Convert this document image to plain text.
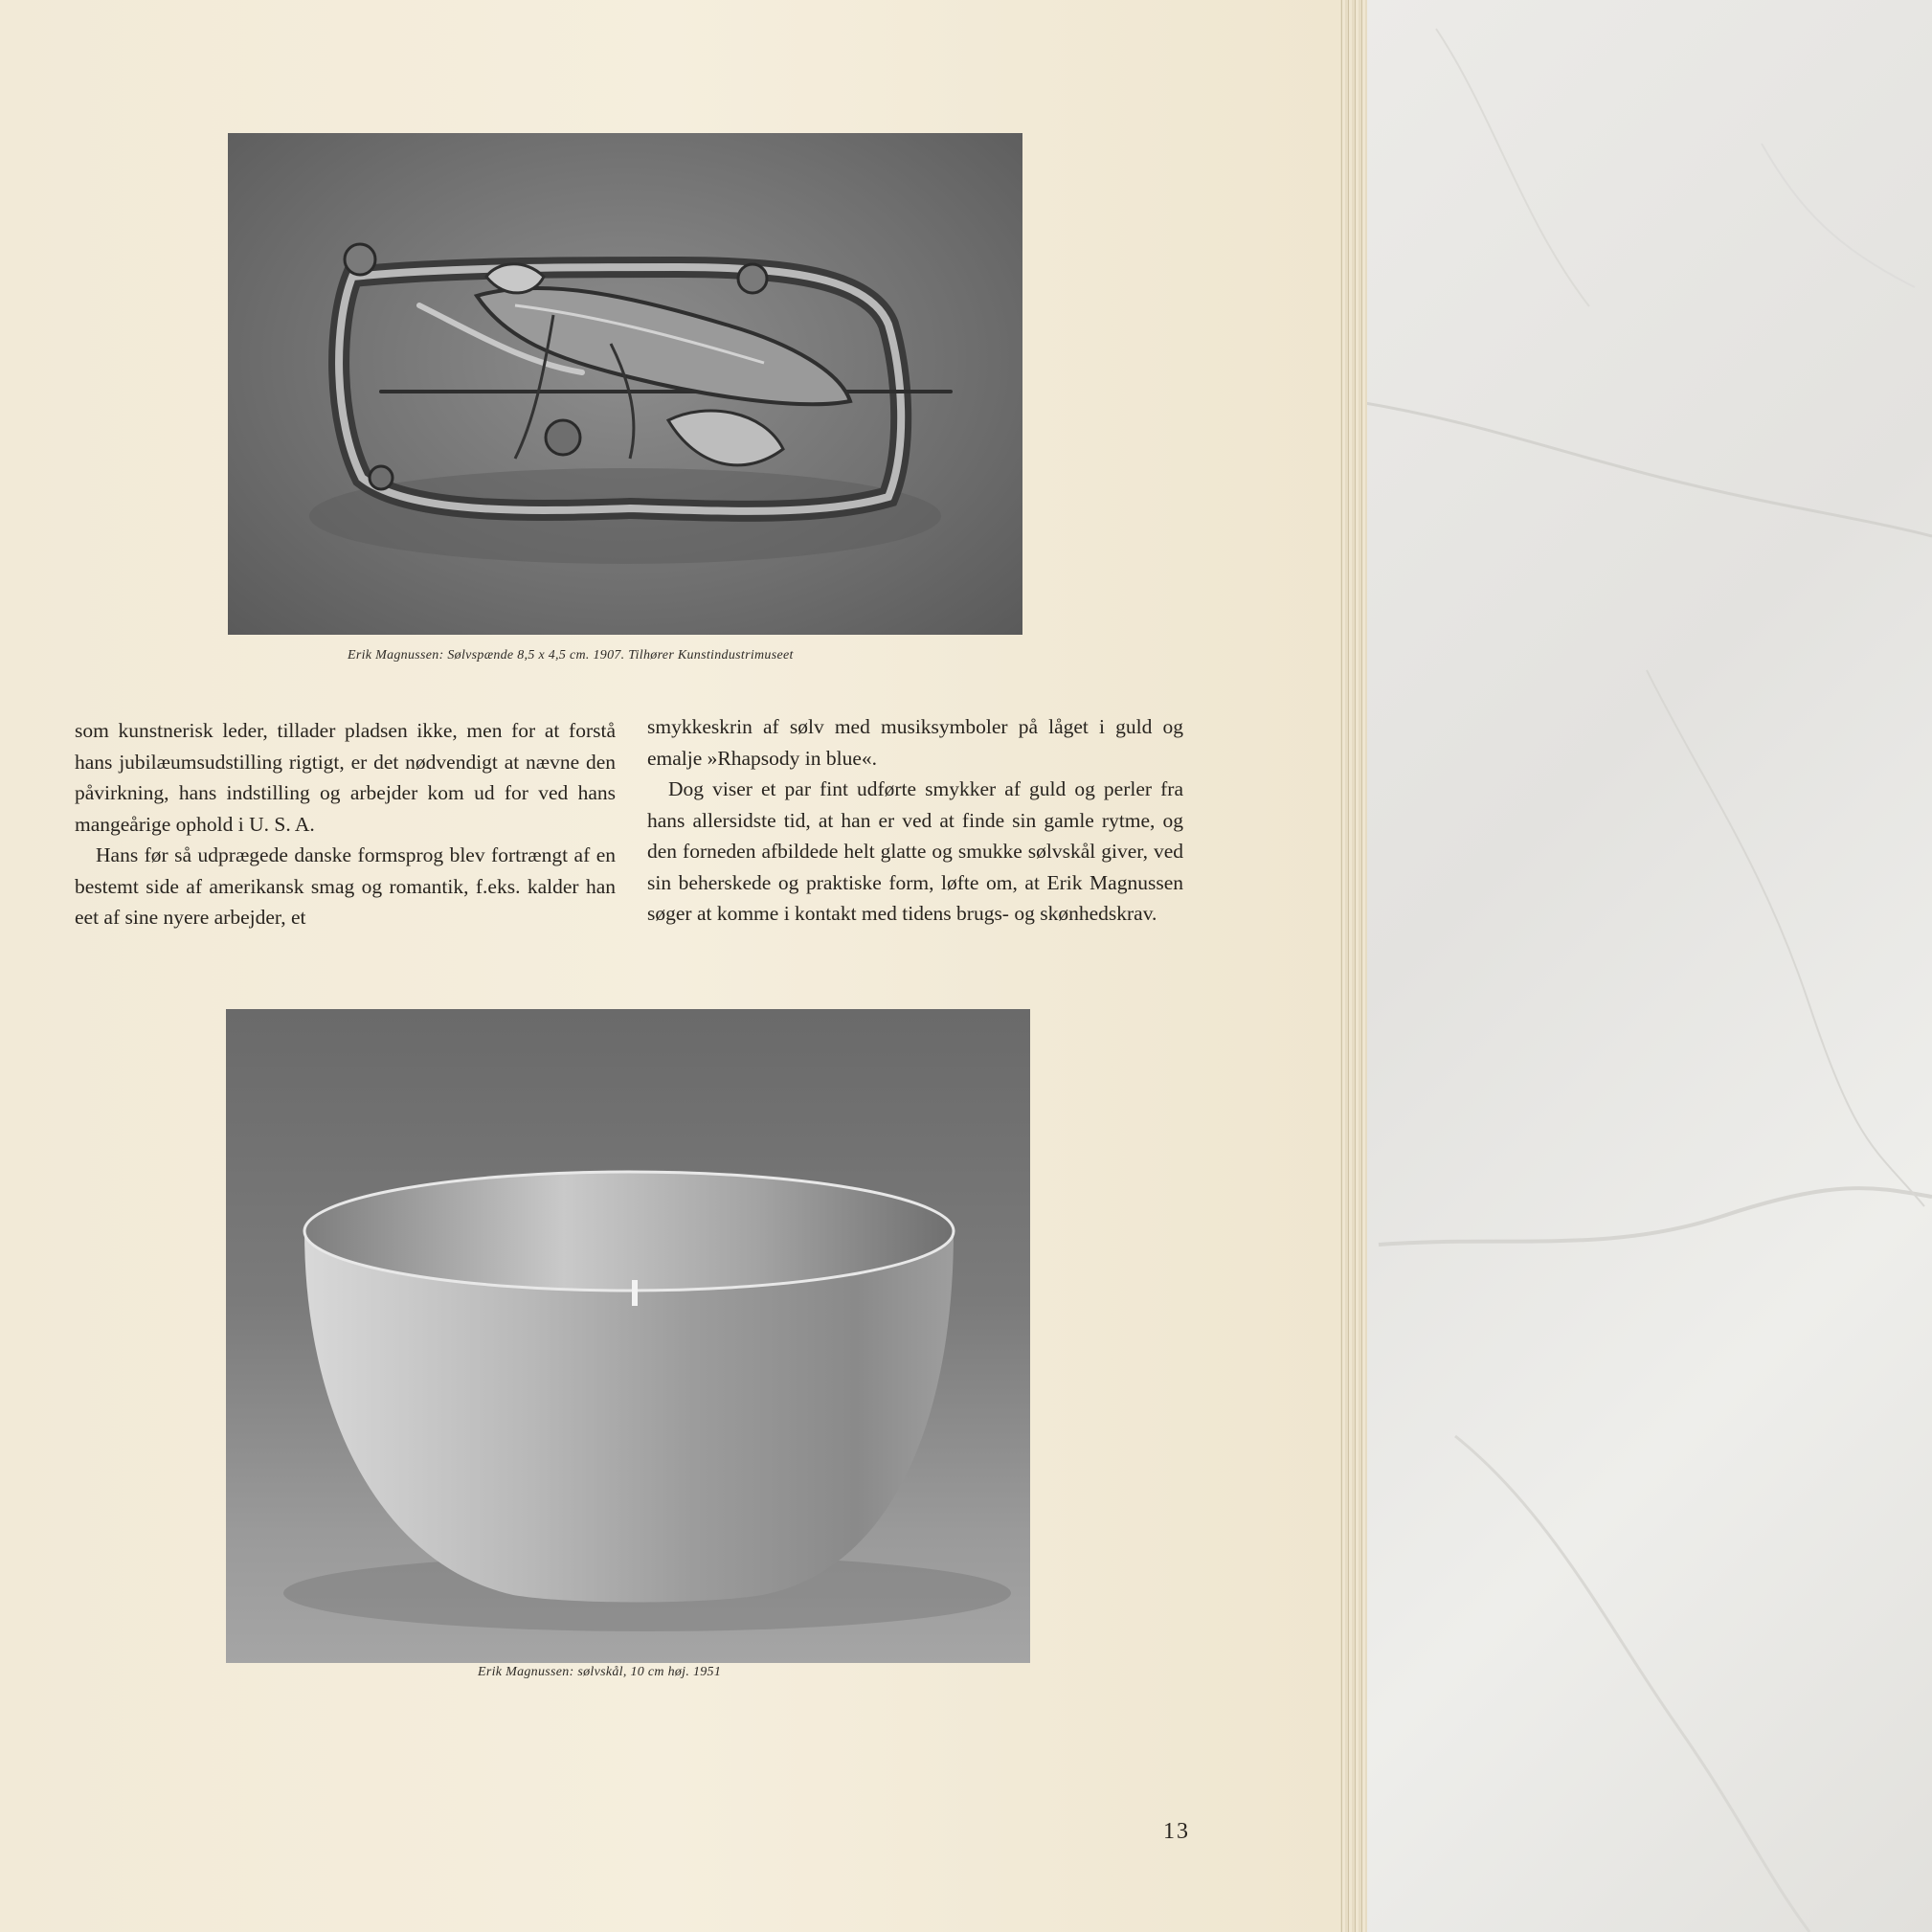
Erik Magnussen: Sølvspænde 8,5 x 4,5 cm. 1907. Tilhører Kunstindustrimuseet

som kunstnerisk leder, tillader pladsen ikke, men for at forstå hans jubilæumsudstilling rigtigt, er det nødvendigt at nævne den påvirkning, hans indstilling og arbejder kom ud for ved hans mangeårige ophold i U. S. A.

Hans før så udprægede danske formsprog blev fortrængt af en bestemt side af amerikansk smag og romantik, f.eks. kalder han eet af sine nyere arbejder, et

smykkeskrin af sølv med musiksymboler på låget i guld og emalje »Rhapsody in blue«.

Dog viser et par fint udførte smykker af guld og perler fra hans allersidste tid, at han er ved at finde sin gamle rytme, og den forneden afbildede helt glatte og smukke sølvskål giver, ved sin beherskede og praktiske form, løfte om, at Erik Magnussen søger at komme i kontakt med tidens brugs- og skønhedskrav.

Erik Magnussen: sølvskål, 10 cm høj. 1951
13
